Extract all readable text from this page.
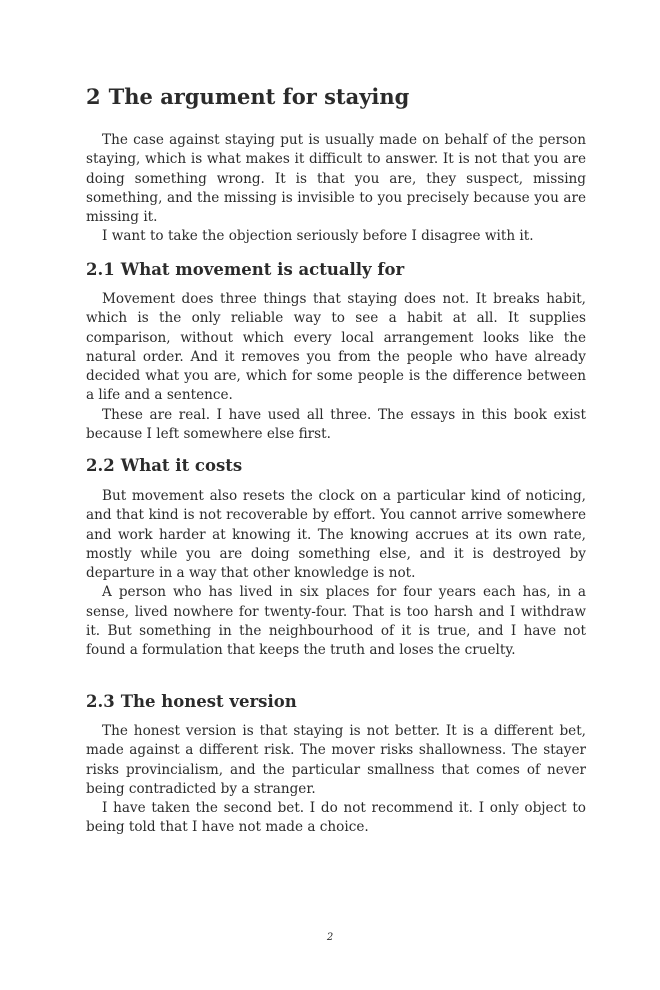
2 The argument for staying

The case against staying put is usually made on behalf of the person staying, which is what makes it difficult to answer. It is not that you are doing something wrong. It is that you are, they suspect, missing something, and the missing is invisible to you precisely because you are missing it.

I want to take the objection seriously before I disagree with it.

2.1 What movement is actually for

Movement does three things that staying does not. It breaks habit, which is the only reliable way to see a habit at all. It supplies comparison, without which every local arrangement looks like the natural order. And it removes you from the people who have already decided what you are, which for some people is the difference between a life and a sentence.

These are real. I have used all three. The essays in this book exist because I left somewhere else first.

2.2 What it costs

But movement also resets the clock on a particular kind of noticing, and that kind is not recoverable by effort. You cannot arrive somewhere and work harder at knowing it. The knowing accrues at its own rate, mostly while you are doing something else, and it is destroyed by departure in a way that other knowledge is not.

A person who has lived in six places for four years each has, in a sense, lived nowhere for twenty-four. That is too harsh and I withdraw it. But something in the neighbourhood of it is true, and I have not found a formulation that keeps the truth and loses the cruelty.

2.3 The honest version

The honest version is that staying is not better. It is a different bet, made against a different risk. The mover risks shallowness. The stayer risks provincialism, and the particular smallness that comes of never being contradicted by a stranger.

I have taken the second bet. I do not recommend it. I only object to being told that I have not made a choice.

2
